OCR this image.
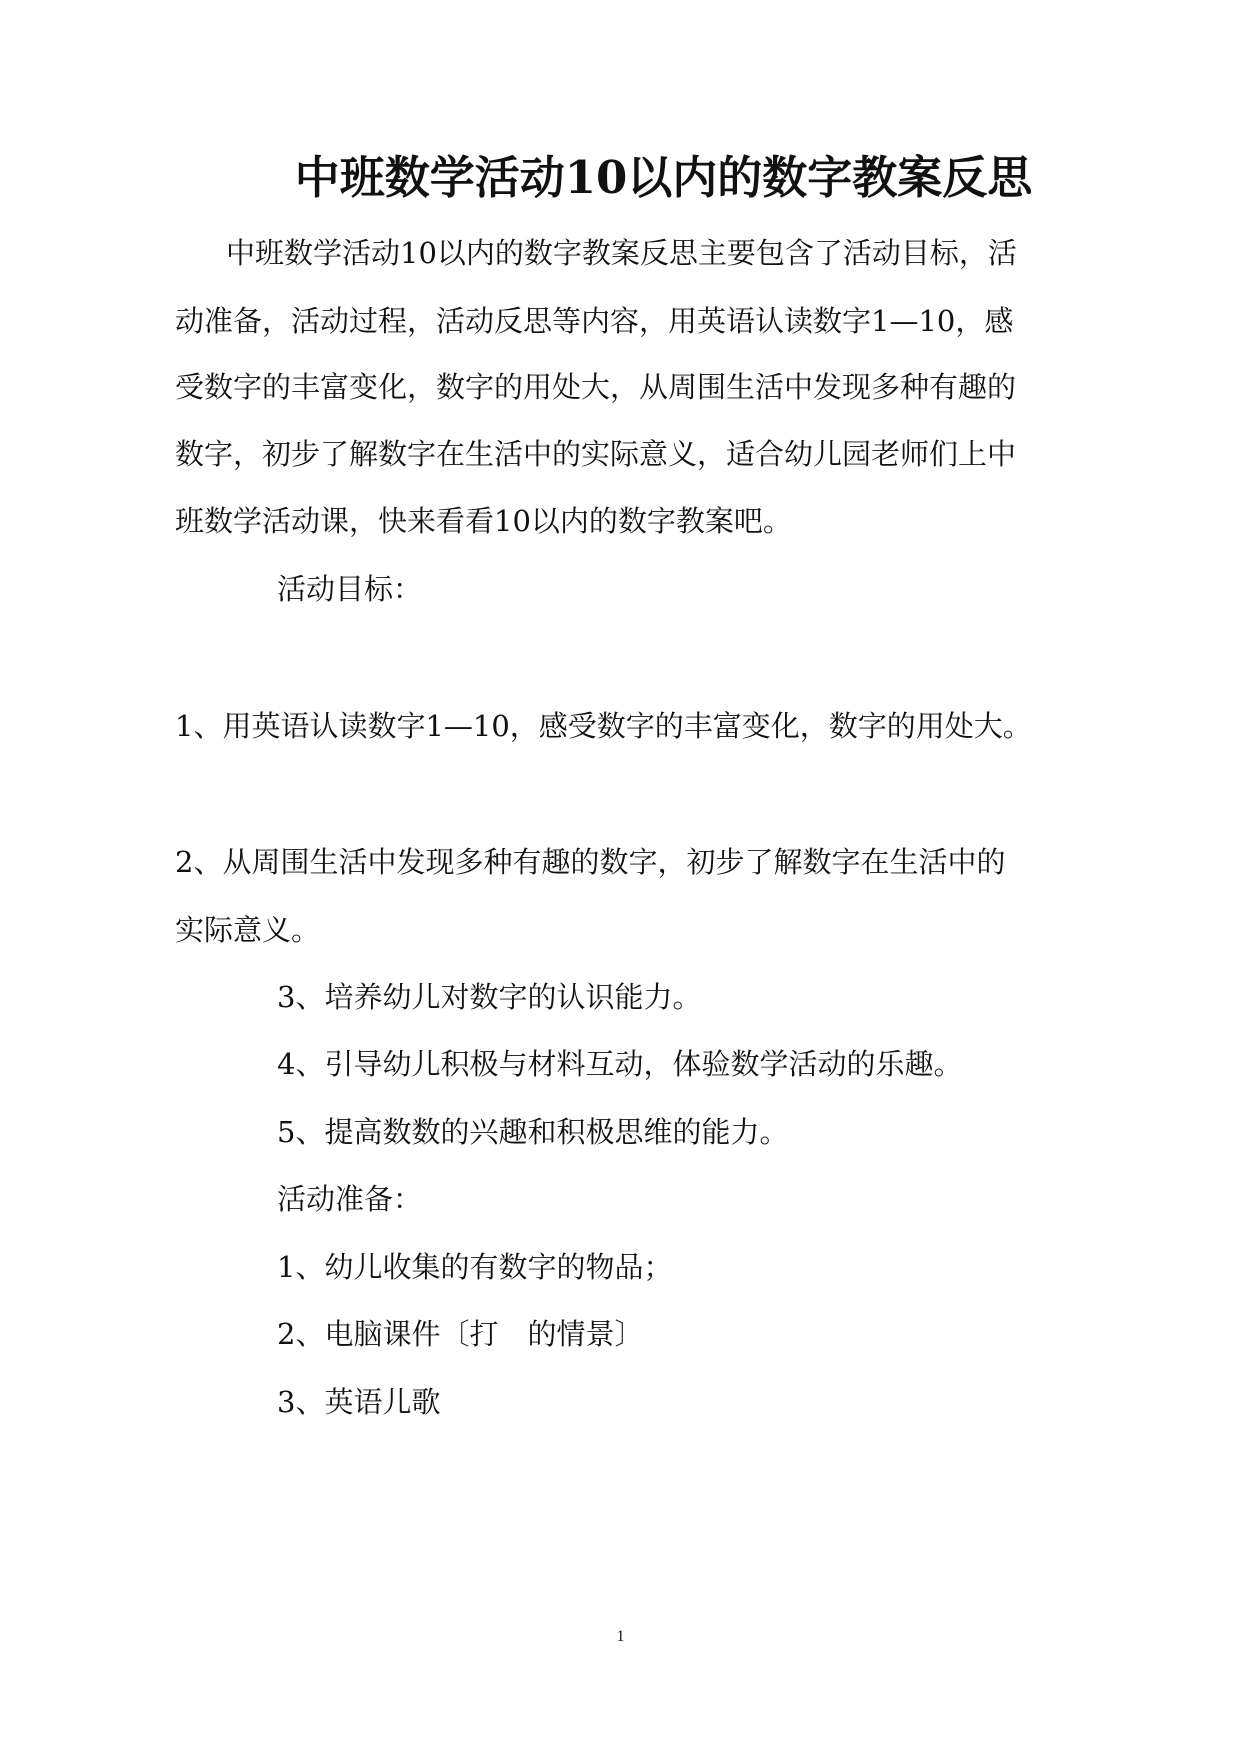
中班数学活动10以内的数字教案反思

中班数学活动10以内的数字教案反思主要包含了活动目标，活

动准备，活动过程，活动反思等内容，用英语认读数字1—10，感

受数字的丰富变化，数字的用处大，从周围生活中发现多种有趣的

数字，初步了解数字在生活中的实际意义，适合幼儿园老师们上中

班数学活动课，快来看看10以内的数字教案吧。

活动目标：

1、用英语认读数字1—10，感受数字的丰富变化，数字的用处大。

2、从周围生活中发现多种有趣的数字，初步了解数字在生活中的

实际意义。

3、培养幼儿对数字的认识能力。

4、引导幼儿积极与材料互动，体验数学活动的乐趣。

5、提高数数的兴趣和积极思维的能力。

活动准备：

1、幼儿收集的有数字的物品；

2、电脑课件〔打　的情景〕

3、英语儿歌

1
